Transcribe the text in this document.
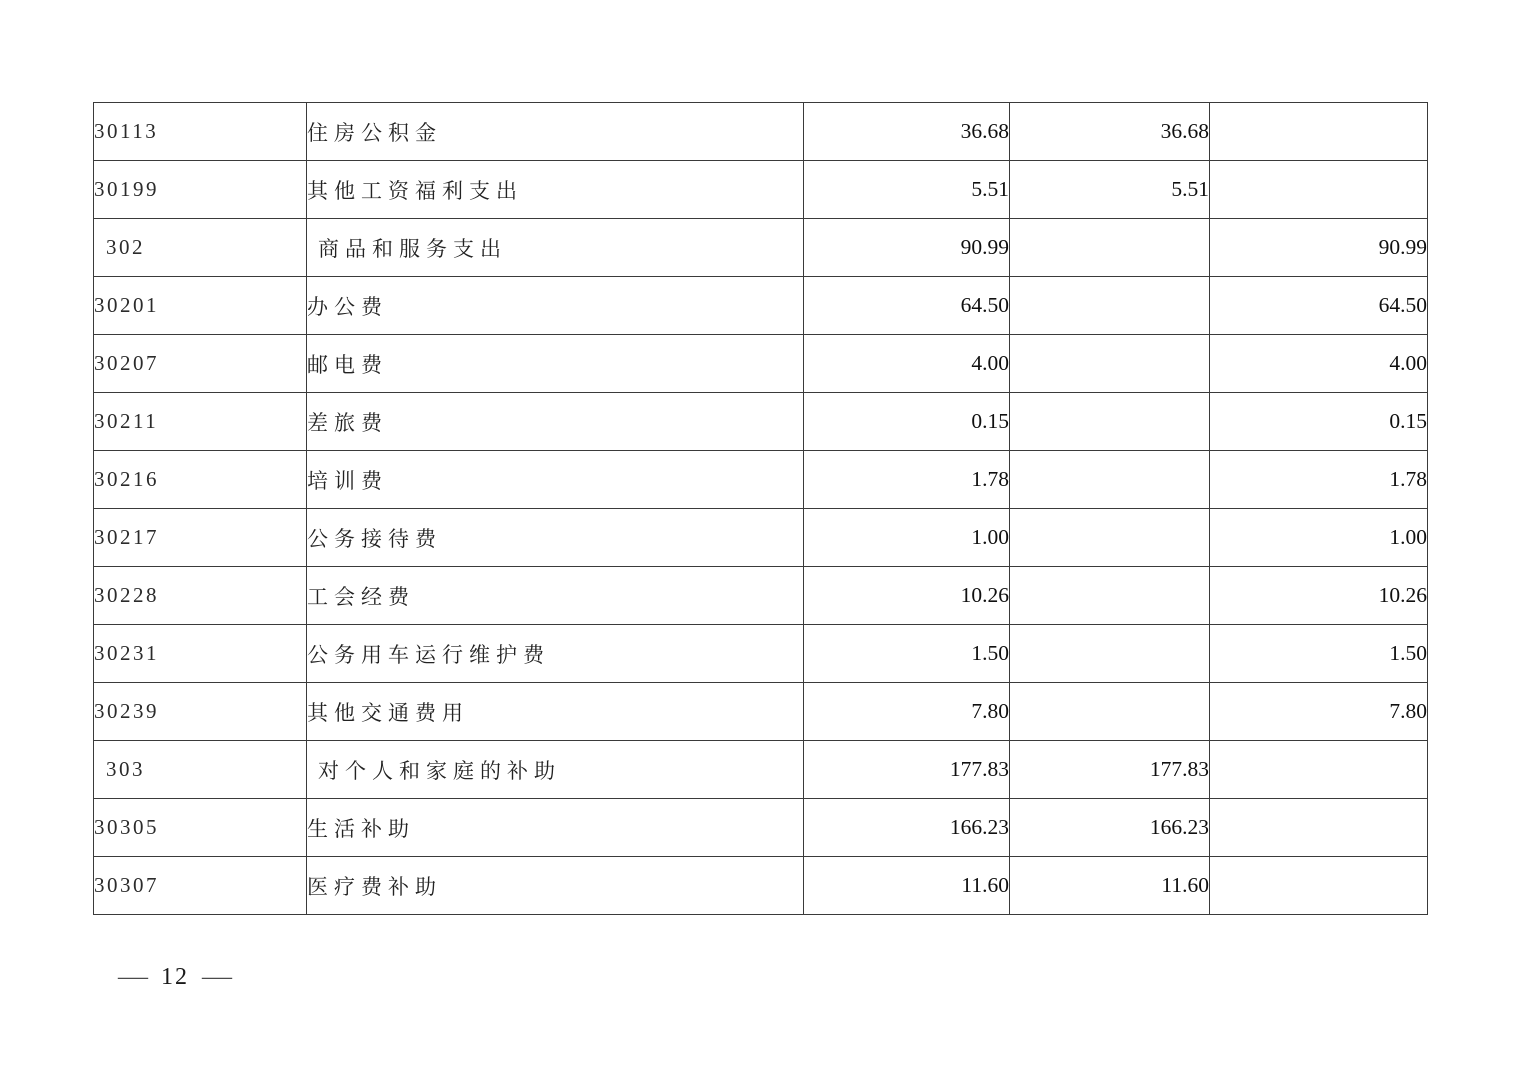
30113	住房公积金	36.68	36.68	
30199	其他工资福利支出	5.51	5.51	
302	商品和服务支出	90.99		90.99
30201	办公费	64.50		64.50
30207	邮电费	4.00		4.00
30211	差旅费	0.15		0.15
30216	培训费	1.78		1.78
30217	公务接待费	1.00		1.00
30228	工会经费	10.26		10.26
30231	公务用车运行维护费	1.50		1.50
30239	其他交通费用	7.80		7.80
303	对个人和家庭的补助	177.83	177.83	
30305	生活补助	166.23	166.23	
30307	医疗费补助	11.60	11.60	
— 12 —
